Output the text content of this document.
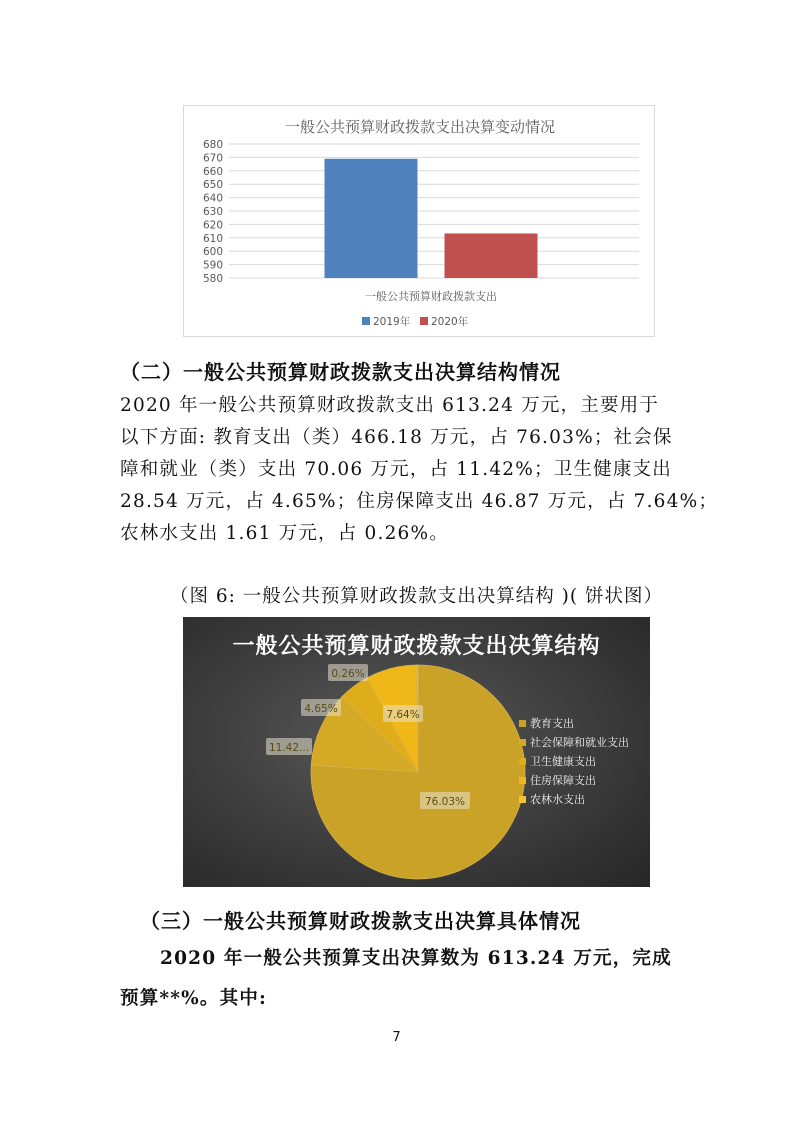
一般公共预算财政拨款支出决算变动情况
680
670
660
650
640
630
620
610
600
590
580
一般公共预算财政拨款支出
2019年 2020年
（二）一般公共预算财政拨款支出决算结构情况

2020 年一般公共预算财政拨款支出 613.24 万元，主要用于

以下方面: 教育支出（类）466.18 万元，占 76.03%；社会保

障和就业（类）支出 70.06 万元，占 11.42%；卫生健康支出

28.54 万元，占 4.65%；住房保障支出 46.87 万元，占 7.64%；

农林水支出 1.61 万元，占 0.26%。

（图 6: 一般公共预算财政拨款支出决算结构 )( 饼状图）
一般公共预算财政拨款支出决算结构
76.03%
11.42...
4.65%	7.64%
0.26%
教育支出
社会保障和就业支出
卫生健康支出
住房保障支出
农林水支出
（三）一般公共预算财政拨款支出决算具体情况
2020 年一般公共预算支出决算数为 613.24 万元，完成
预算**%。其中:
7
